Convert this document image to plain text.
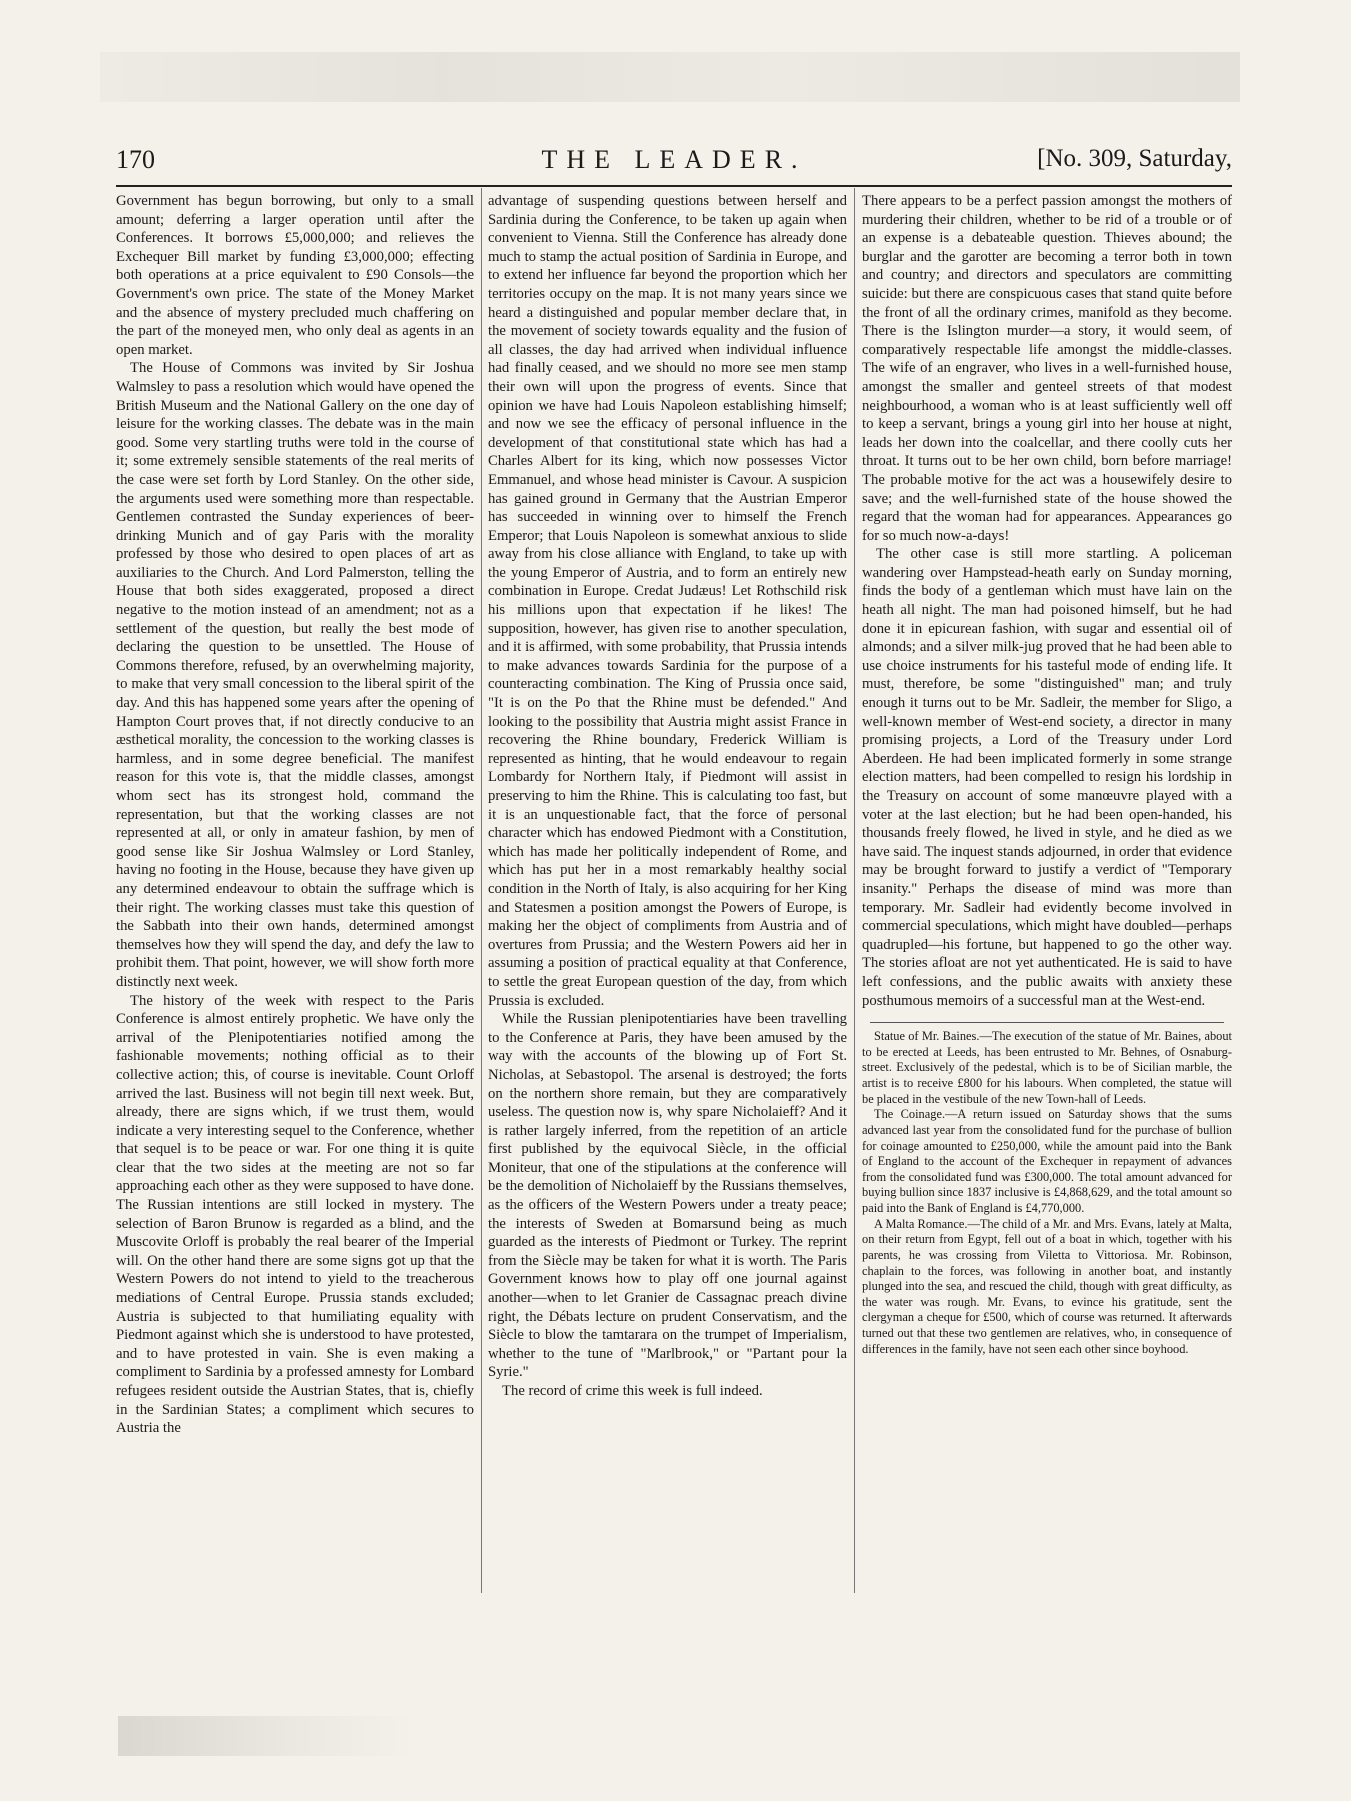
170	THE LEADER.	[No. 309, Saturday,

Government has begun borrowing, but only to a small amount; deferring a larger operation until after the Conferences. It borrows £5,000,000; and relieves the Exchequer Bill market by funding £3,000,000; effecting both operations at a price equivalent to £90 Consols—the Government's own price. The state of the Money Market and the absence of mystery precluded much chaffering on the part of the moneyed men, who only deal as agents in an open market.

The House of Commons was invited by Sir Joshua Walmsley to pass a resolution which would have opened the British Museum and the National Gallery on the one day of leisure for the working classes. The debate was in the main good. Some very startling truths were told in the course of it; some extremely sensible statements of the real merits of the case were set forth by Lord Stanley. On the other side, the arguments used were something more than respectable. Gentlemen contrasted the Sunday experiences of beer-drinking Munich and of gay Paris with the morality professed by those who desired to open places of art as auxiliaries to the Church. And Lord Palmerston, telling the House that both sides exaggerated, proposed a direct negative to the motion instead of an amendment; not as a settlement of the question, but really the best mode of declaring the question to be unsettled. The House of Commons therefore, refused, by an overwhelming majority, to make that very small concession to the liberal spirit of the day. And this has happened some years after the opening of Hampton Court proves that, if not directly conducive to an æsthetical morality, the concession to the working classes is harmless, and in some degree beneficial. The manifest reason for this vote is, that the middle classes, amongst whom sect has its strongest hold, command the representation, but that the working classes are not represented at all, or only in amateur fashion, by men of good sense like Sir Joshua Walmsley or Lord Stanley, having no footing in the House, because they have given up any determined endeavour to obtain the suffrage which is their right. The working classes must take this question of the Sabbath into their own hands, determined amongst themselves how they will spend the day, and defy the law to prohibit them. That point, however, we will show forth more distinctly next week.

The history of the week with respect to the Paris Conference is almost entirely prophetic. We have only the arrival of the Plenipotentiaries notified among the fashionable movements; nothing official as to their collective action; this, of course is inevitable. Count Orloff arrived the last. Business will not begin till next week. But, already, there are signs which, if we trust them, would indicate a very interesting sequel to the Conference, whether that sequel is to be peace or war. For one thing it is quite clear that the two sides at the meeting are not so far approaching each other as they were supposed to have done. The Russian intentions are still locked in mystery. The selection of Baron Brunow is regarded as a blind, and the Muscovite Orloff is probably the real bearer of the Imperial will. On the other hand there are some signs got up that the Western Powers do not intend to yield to the treacherous mediations of Central Europe. Prussia stands excluded; Austria is subjected to that humiliating equality with Piedmont against which she is understood to have protested, and to have protested in vain. She is even making a compliment to Sardinia by a professed amnesty for Lombard refugees resident outside the Austrian States, that is, chiefly in the Sardinian States; a compliment which secures to Austria the

advantage of suspending questions between herself and Sardinia during the Conference, to be taken up again when convenient to Vienna. Still the Conference has already done much to stamp the actual position of Sardinia in Europe, and to extend her influence far beyond the proportion which her territories occupy on the map. It is not many years since we heard a distinguished and popular member declare that, in the movement of society towards equality and the fusion of all classes, the day had arrived when individual influence had finally ceased, and we should no more see men stamp their own will upon the progress of events. Since that opinion we have had Louis Napoleon establishing himself; and now we see the efficacy of personal influence in the development of that constitutional state which has had a Charles Albert for its king, which now possesses Victor Emmanuel, and whose head minister is Cavour. A suspicion has gained ground in Germany that the Austrian Emperor has succeeded in winning over to himself the French Emperor; that Louis Napoleon is somewhat anxious to slide away from his close alliance with England, to take up with the young Emperor of Austria, and to form an entirely new combination in Europe. Credat Judæus! Let Rothschild risk his millions upon that expectation if he likes! The supposition, however, has given rise to another speculation, and it is affirmed, with some probability, that Prussia intends to make advances towards Sardinia for the purpose of a counteracting combination. The King of Prussia once said, "It is on the Po that the Rhine must be defended." And looking to the possibility that Austria might assist France in recovering the Rhine boundary, Frederick William is represented as hinting, that he would endeavour to regain Lombardy for Northern Italy, if Piedmont will assist in preserving to him the Rhine. This is calculating too fast, but it is an unquestionable fact, that the force of personal character which has endowed Piedmont with a Constitution, which has made her politically independent of Rome, and which has put her in a most remarkably healthy social condition in the North of Italy, is also acquiring for her King and Statesmen a position amongst the Powers of Europe, is making her the object of compliments from Austria and of overtures from Prussia; and the Western Powers aid her in assuming a position of practical equality at that Conference, to settle the great European question of the day, from which Prussia is excluded.

While the Russian plenipotentiaries have been travelling to the Conference at Paris, they have been amused by the way with the accounts of the blowing up of Fort St. Nicholas, at Sebastopol. The arsenal is destroyed; the forts on the northern shore remain, but they are comparatively useless. The question now is, why spare Nicholaieff? And it is rather largely inferred, from the repetition of an article first published by the equivocal Siècle, in the official Moniteur, that one of the stipulations at the conference will be the demolition of Nicholaieff by the Russians themselves, as the officers of the Western Powers under a treaty peace; the interests of Sweden at Bomarsund being as much guarded as the interests of Piedmont or Turkey. The reprint from the Siècle may be taken for what it is worth. The Paris Government knows how to play off one journal against another—when to let Granier de Cassagnac preach divine right, the Débats lecture on prudent Conservatism, and the Siècle to blow the tamtarara on the trumpet of Imperialism, whether to the tune of "Marlbrook," or "Partant pour la Syrie."

The record of crime this week is full indeed.

There appears to be a perfect passion amongst the mothers of murdering their children, whether to be rid of a trouble or of an expense is a debateable question. Thieves abound; the burglar and the garotter are becoming a terror both in town and country; and directors and speculators are committing suicide: but there are conspicuous cases that stand quite before the front of all the ordinary crimes, manifold as they become. There is the Islington murder—a story, it would seem, of comparatively respectable life amongst the middle-classes. The wife of an engraver, who lives in a well-furnished house, amongst the smaller and genteel streets of that modest neighbourhood, a woman who is at least sufficiently well off to keep a servant, brings a young girl into her house at night, leads her down into the coalcellar, and there coolly cuts her throat. It turns out to be her own child, born before marriage! The probable motive for the act was a housewifely desire to save; and the well-furnished state of the house showed the regard that the woman had for appearances. Appearances go for so much now-a-days!

The other case is still more startling. A policeman wandering over Hampstead-heath early on Sunday morning, finds the body of a gentleman which must have lain on the heath all night. The man had poisoned himself, but he had done it in epicurean fashion, with sugar and essential oil of almonds; and a silver milk-jug proved that he had been able to use choice instruments for his tasteful mode of ending life. It must, therefore, be some "distinguished" man; and truly enough it turns out to be Mr. Sadleir, the member for Sligo, a well-known member of West-end society, a director in many promising projects, a Lord of the Treasury under Lord Aberdeen. He had been implicated formerly in some strange election matters, had been compelled to resign his lordship in the Treasury on account of some manœuvre played with a voter at the last election; but he had been open-handed, his thousands freely flowed, he lived in style, and he died as we have said. The inquest stands adjourned, in order that evidence may be brought forward to justify a verdict of "Temporary insanity." Perhaps the disease of mind was more than temporary. Mr. Sadleir had evidently become involved in commercial speculations, which might have doubled—perhaps quadrupled—his fortune, but happened to go the other way. The stories afloat are not yet authenticated. He is said to have left confessions, and the public awaits with anxiety these posthumous memoirs of a successful man at the West-end.

Statue of Mr. Baines.—The execution of the statue of Mr. Baines, about to be erected at Leeds, has been entrusted to Mr. Behnes, of Osnaburg-street. Exclusively of the pedestal, which is to be of Sicilian marble, the artist is to receive £800 for his labours. When completed, the statue will be placed in the vestibule of the new Town-hall of Leeds.

The Coinage.—A return issued on Saturday shows that the sums advanced last year from the consolidated fund for the purchase of bullion for coinage amounted to £250,000, while the amount paid into the Bank of England to the account of the Exchequer in repayment of advances from the consolidated fund was £300,000. The total amount advanced for buying bullion since 1837 inclusive is £4,868,629, and the total amount so paid into the Bank of England is £4,770,000.

A Malta Romance.—The child of a Mr. and Mrs. Evans, lately at Malta, on their return from Egypt, fell out of a boat in which, together with his parents, he was crossing from Viletta to Vittoriosa. Mr. Robinson, chaplain to the forces, was following in another boat, and instantly plunged into the sea, and rescued the child, though with great difficulty, as the water was rough. Mr. Evans, to evince his gratitude, sent the clergyman a cheque for £500, which of course was returned. It afterwards turned out that these two gentlemen are relatives, who, in consequence of differences in the family, have not seen each other since boyhood.
